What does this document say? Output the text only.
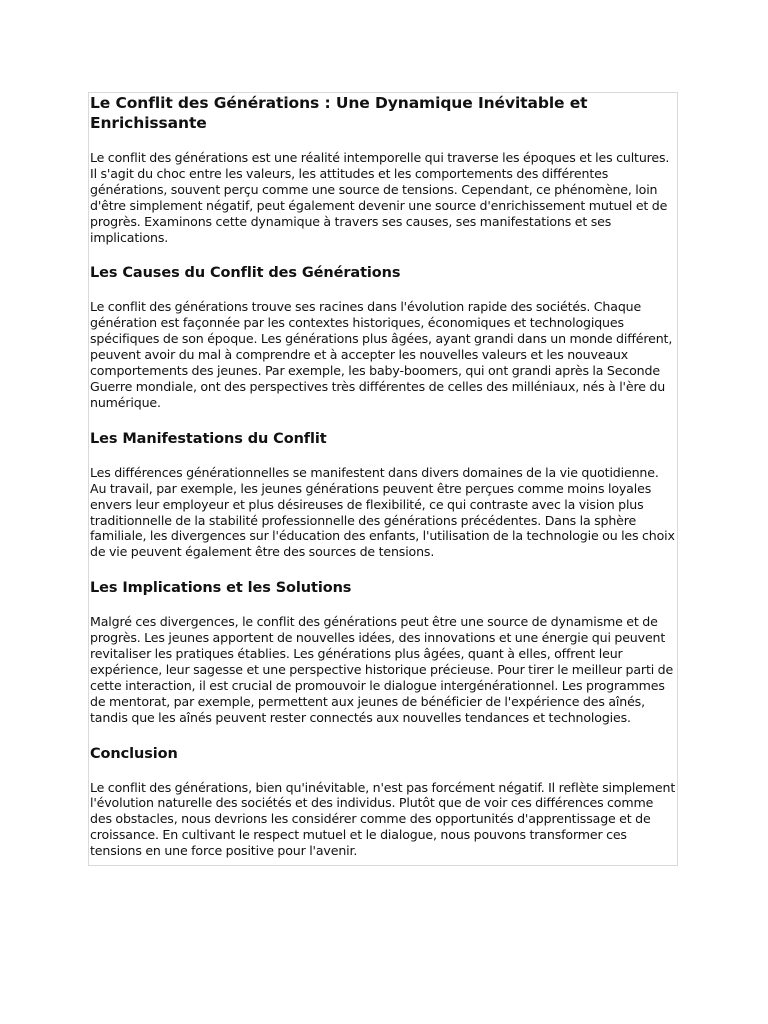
Le Conflit des Générations : Une Dynamique Inévitable et Enrichissante

Le conflit des générations est une réalité intemporelle qui traverse les époques et les cultures. Il s'agit du choc entre les valeurs, les attitudes et les comportements des différentes générations, souvent perçu comme une source de tensions. Cependant, ce phénomène, loin d'être simplement négatif, peut également devenir une source d'enrichissement mutuel et de progrès. Examinons cette dynamique à travers ses causes, ses manifestations et ses implications.

Les Causes du Conflit des Générations

Le conflit des générations trouve ses racines dans l'évolution rapide des sociétés. Chaque génération est façonnée par les contextes historiques, économiques et technologiques spécifiques de son époque. Les générations plus âgées, ayant grandi dans un monde différent, peuvent avoir du mal à comprendre et à accepter les nouvelles valeurs et les nouveaux comportements des jeunes. Par exemple, les baby-boomers, qui ont grandi après la Seconde Guerre mondiale, ont des perspectives très différentes de celles des milléniaux, nés à l'ère du numérique.

Les Manifestations du Conflit

Les différences générationnelles se manifestent dans divers domaines de la vie quotidienne. Au travail, par exemple, les jeunes générations peuvent être perçues comme moins loyales envers leur employeur et plus désireuses de flexibilité, ce qui contraste avec la vision plus traditionnelle de la stabilité professionnelle des générations précédentes. Dans la sphère familiale, les divergences sur l'éducation des enfants, l'utilisation de la technologie ou les choix de vie peuvent également être des sources de tensions.

Les Implications et les Solutions

Malgré ces divergences, le conflit des générations peut être une source de dynamisme et de progrès. Les jeunes apportent de nouvelles idées, des innovations et une énergie qui peuvent revitaliser les pratiques établies. Les générations plus âgées, quant à elles, offrent leur expérience, leur sagesse et une perspective historique précieuse. Pour tirer le meilleur parti de cette interaction, il est crucial de promouvoir le dialogue intergénérationnel. Les programmes de mentorat, par exemple, permettent aux jeunes de bénéficier de l'expérience des aînés, tandis que les aînés peuvent rester connectés aux nouvelles tendances et technologies.

Conclusion

Le conflit des générations, bien qu'inévitable, n'est pas forcément négatif. Il reflète simplement l'évolution naturelle des sociétés et des individus. Plutôt que de voir ces différences comme des obstacles, nous devrions les considérer comme des opportunités d'apprentissage et de croissance. En cultivant le respect mutuel et le dialogue, nous pouvons transformer ces tensions en une force positive pour l'avenir.
